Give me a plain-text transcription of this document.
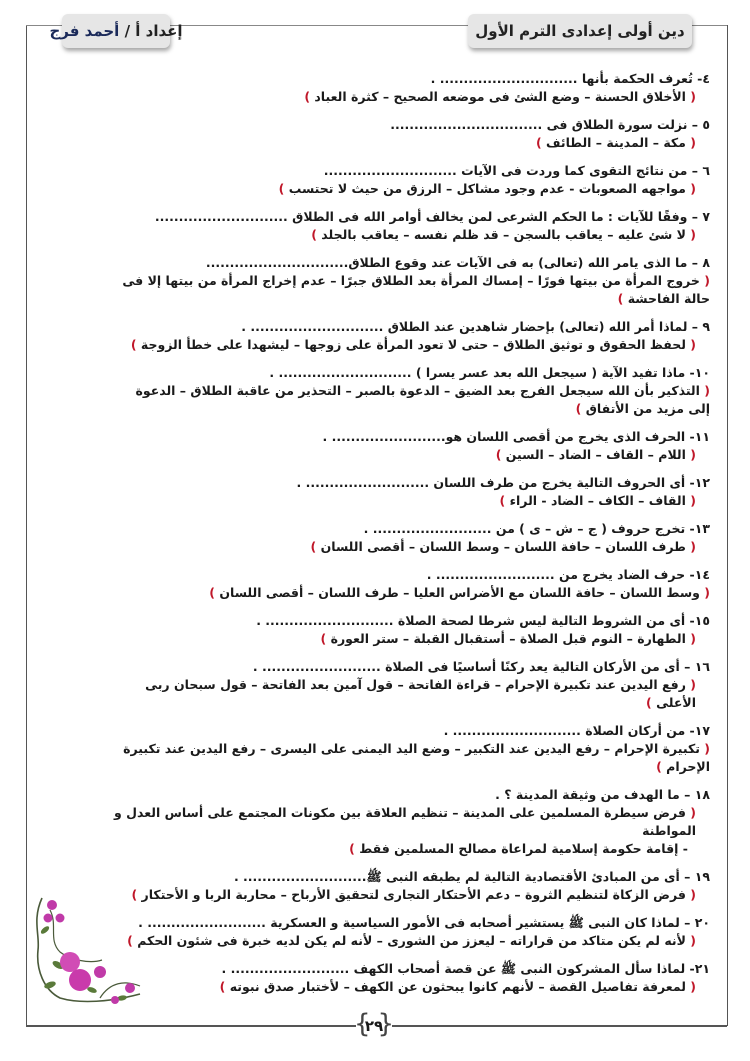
إعداد أ /

أحمد فرج	دين أولى إعدادى الترم الأول
٤- تُعرف الحكمة بأنها ............................. .
( الأخلاق الحسنة – وضع الشئ فى موضعه الصحيح – كثرة العباد )
٥ – نزلت سورة الطلاق فى ................................
( مكة – المدينة – الطائف )
٦ – من نتائج التقوى كما وردت فى الآيات ............................
( مواجهه الصعوبات - عدم وجود مشاكل – الرزق من حيث لا تحتسب )
٧ – وفقًا للآيات : ما الحكم الشرعى لمن يخالف أوامر الله فى الطلاق ............................
( لا شئ عليه – يعاقب بالسجن – قد ظلم نفسه – يعاقب بالجلد )
٨ – ما الذى يامر الله (تعالى) به فى الآيات عند وقوع الطلاق..............................
( خروج المرأة من بيتها فورًا – إمساك المرأة بعد الطلاق جبرًا – عدم إخراج المرأة من بيتها إلا فى حالة الفاحشة )
٩ – لماذا أمر الله (تعالى) بإحضار شاهدين عند الطلاق ............................ .
( لحفظ الحقوق و توثيق الطلاق – حتى لا تعود المرأة على زوجها – ليشهدا على خطأ الزوجة )
١٠- ماذا تفيد الآية ( سيجعل الله بعد عسر يسرا ) ............................ .
( التذكير بأن الله سيجعل الفرج بعد الضيق – الدعوة بالصبر – التحذير من عاقبة الطلاق – الدعوة إلى مزيد من الأتفاق )
١١- الحرف الذى يخرج من أقصى اللسان هو........................ .
( اللام – القاف – الضاد – السين )
١٢- أى الحروف التالية يخرج من طرف اللسان .......................... .
( القاف – الكاف – الضاد - الراء )
١٣- تخرج حروف ( ج – ش – ى ) من ......................... .
( طرف اللسان – حافة اللسان – وسط اللسان – أقصى اللسان )
١٤- حرف الضاد يخرج من ......................... .
( وسط اللسان – حافة اللسان مع الأضراس العليا – طرف اللسان – أقصى اللسان )
١٥- أى من الشروط التالية ليس شرطا لصحة الصلاة ........................... .
( الطهارة – النوم قبل الصلاة – أستقبال القبلة – ستر العورة )
١٦ – أى من الأركان التالية يعد ركنًا أساسيًا فى الصلاة ......................... .
( رفع اليدين عند تكبيرة الإحرام – قراءة الفاتحة – قول آمين بعد الفاتحة – قول سبحان ربى الأعلى )
١٧- من أركان الصلاة ........................... .
( تكبيرة الإحرام – رفع اليدين عند التكبير – وضع اليد اليمنى على اليسرى – رفع اليدين عند تكبيرة الإحرام )
١٨ – ما الهدف من وثيقة المدينة ؟ .
( فرض سيطرة المسلمين على المدينة – تنظيم العلاقة بين مكونات المجتمع على أساس العدل و المواطنة
- إقامة حكومة إسلامية لمراعاة مصالح المسلمين فقط )
١٩ – أى من المبادئ الأقتصادية التالية لم يطبقه النبى ﷺ.......................... .
( فرض الزكاة لتنظيم الثروة – دعم الأحتكار التجارى لتحقيق الأرباح – محاربة الربا و الأحتكار )
٢٠ – لماذا كان النبى ﷺ يستشير أصحابه فى الأمور السياسية و العسكرية ......................... .
( لأنه لم يكن متاكد من قراراته – ليعزز من الشورى – لأنه لم يكن لديه خبرة فى شئون الحكم )
٢١- لماذا سأل المشركون النبى ﷺ عن قصة أصحاب الكهف ......................... .
( لمعرفة تفاصيل القصة – لأنهم كانوا يبحثون عن الكهف – لأختبار صدق نبوته )
{ ٢٩ }
